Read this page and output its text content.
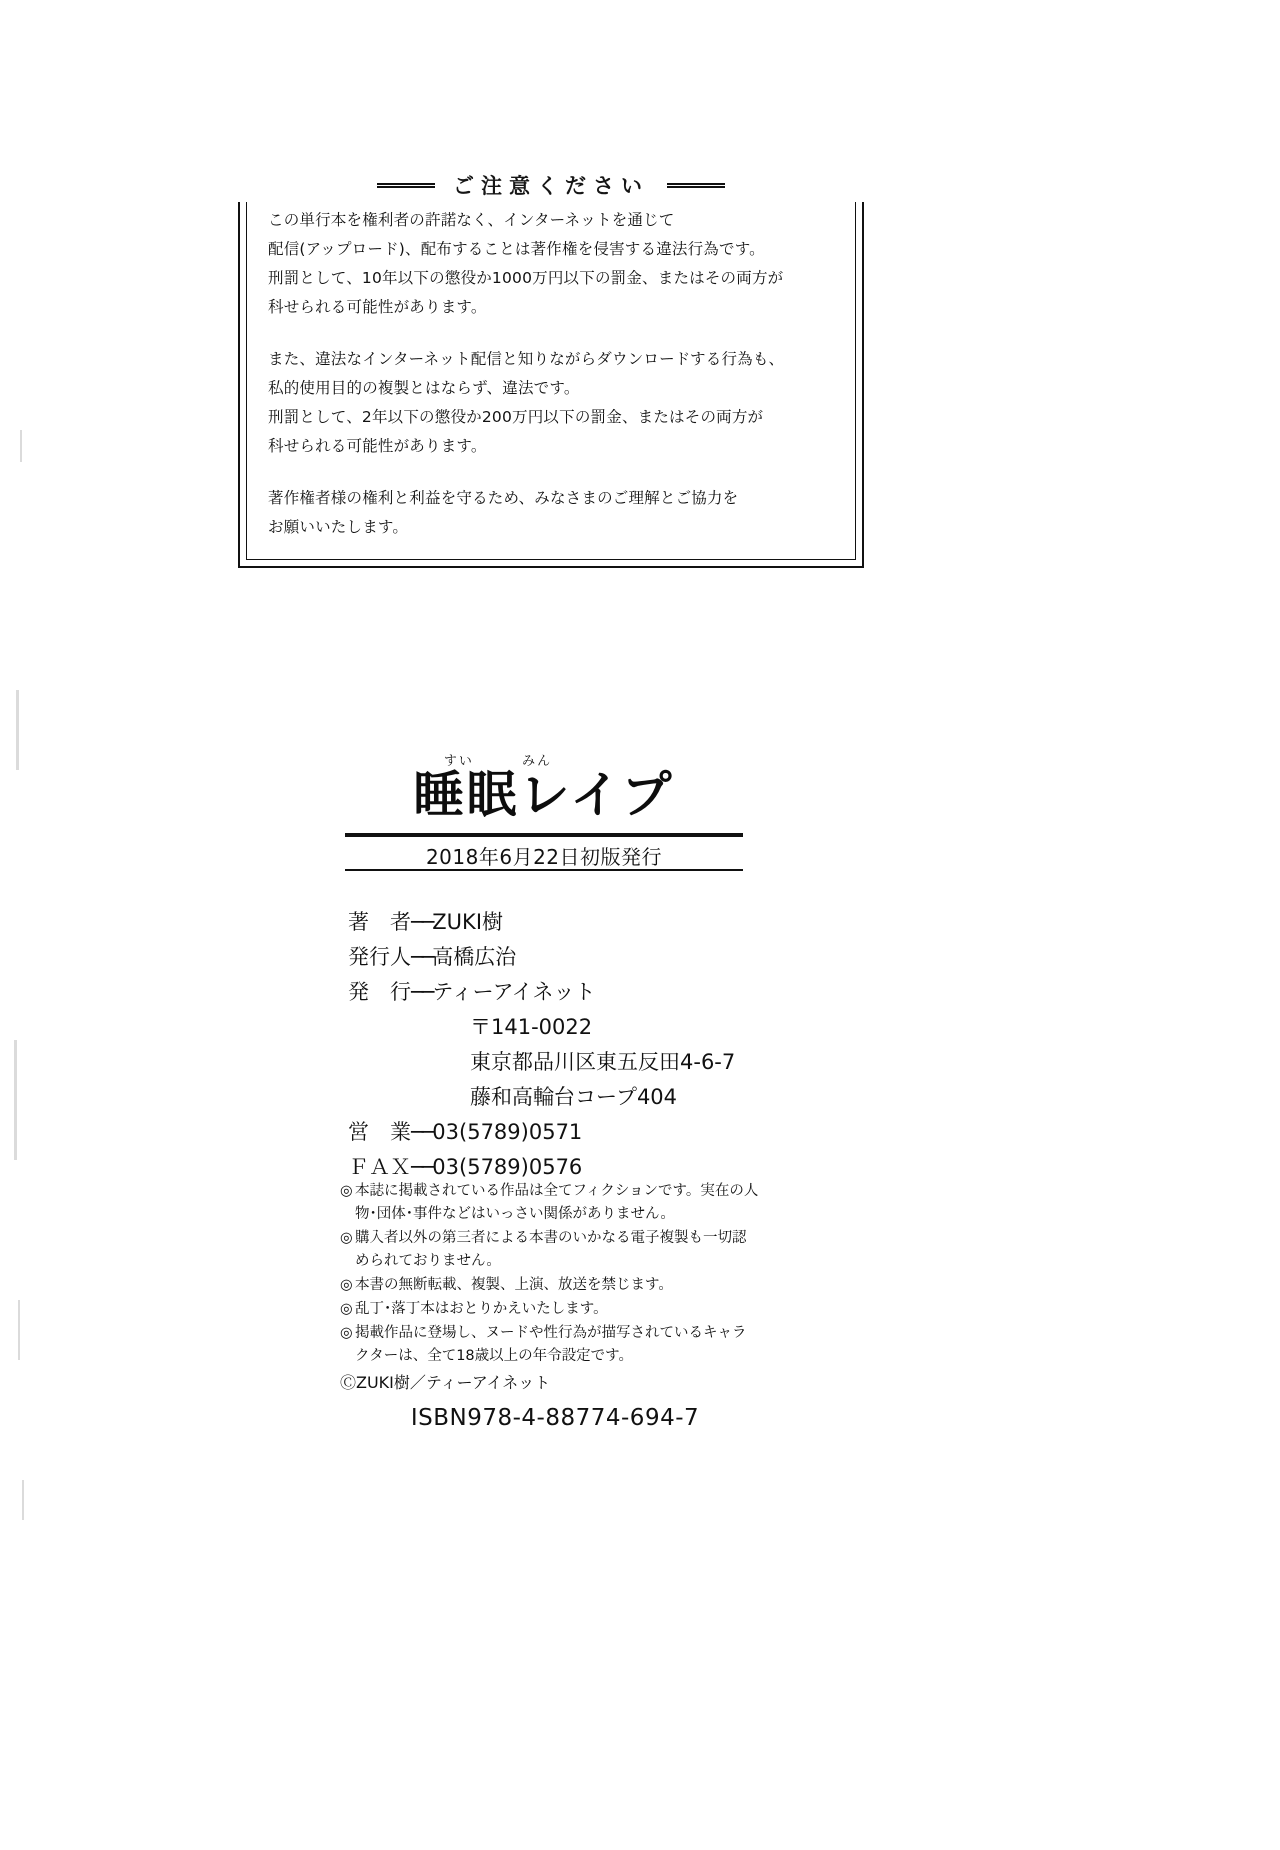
ご注意ください

この単行本を権利者の許諾なく、インターネットを通じて
配信(アップロード)、配布することは著作権を侵害する違法行為です。
刑罰として、10年以下の懲役か1000万円以下の罰金、またはその両方が
科せられる可能性があります。

また、違法なインターネット配信と知りながらダウンロードする行為も、
私的使用目的の複製とはならず、違法です。
刑罰として、2年以下の懲役か200万円以下の罰金、またはその両方が
科せられる可能性があります。

著作権者様の権利と利益を守るため、みなさまのご理解とご協力を
お願いいたします。

すい	みん
睡眠レイプ
2018年6月22日初版発行
著　者──ZUKI樹
発行人──高橋広治
発　行──ティーアイネット
〒141-0022
東京都品川区東五反田4-6-7
藤和高輪台コープ404
営　業──03(5789)0571
ＦＡＸ──03(5789)0576
◎ 本誌に掲載されている作品は全てフィクションです。実在の人物･団体･事件などはいっさい関係がありません。
◎ 購入者以外の第三者による本書のいかなる電子複製も一切認められておりません。
◎ 本書の無断転載、複製、上演、放送を禁じます。
◎ 乱丁･落丁本はおとりかえいたします。
◎ 掲載作品に登場し、ヌードや性行為が描写されているキャラクターは、全て18歳以上の年令設定です。
ⒸZUKI樹／ティーアイネット
ISBN978-4-88774-694-7
